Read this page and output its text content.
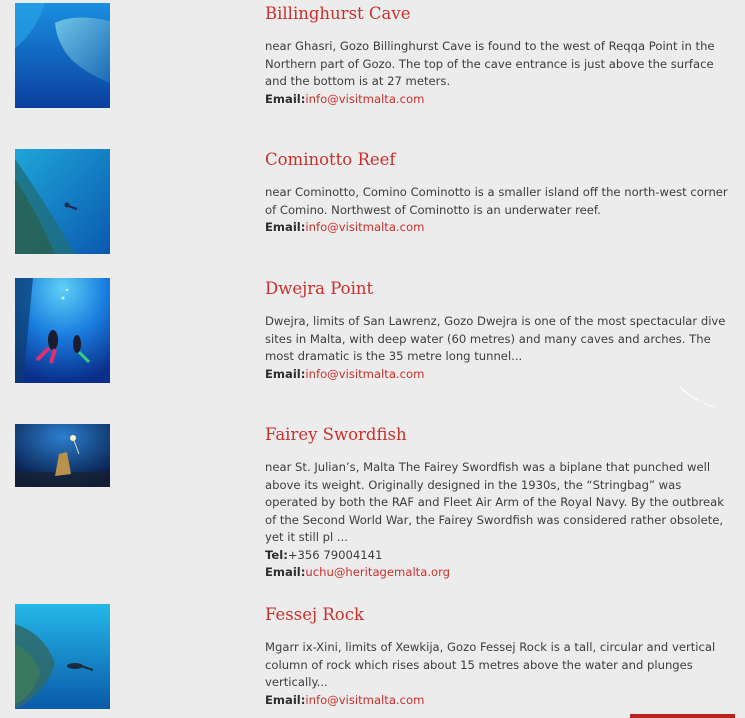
Billinghurst Cave

near Ghasri, Gozo Billinghurst Cave is found to the west of Reqqa Point in the Northern part of Gozo. The top of the cave entrance is just above the surface and the bottom is at 27 meters.

Email:info@visitmalta.com
Cominotto Reef

near Cominotto, Comino Cominotto is a smaller island off the north-west corner of Comino. Northwest of Cominotto is an underwater reef.

Email:info@visitmalta.com
Dwejra Point

Dwejra, limits of San Lawrenz, Gozo Dwejra is one of the most spectacular dive sites in Malta, with deep water (60 metres) and many caves and arches. The most dramatic is the 35 metre long tunnel...

Email:info@visitmalta.com
Fairey Swordfish

near St. Julian’s, Malta The Fairey Swordfish was a biplane that punched well above its weight. Originally designed in the 1930s, the “Stringbag” was operated by both the RAF and Fleet Air Arm of the Royal Navy. By the outbreak of the Second World War, the Fairey Swordfish was considered rather obsolete, yet it still pl ...

Tel:+356 79004141
Email:uchu@heritagemalta.org
Fessej Rock

Mgarr ix-Xini, limits of Xewkija, Gozo Fessej Rock is a tall, circular and vertical column of rock which rises about 15 metres above the water and plunges vertically...

Email:info@visitmalta.com
